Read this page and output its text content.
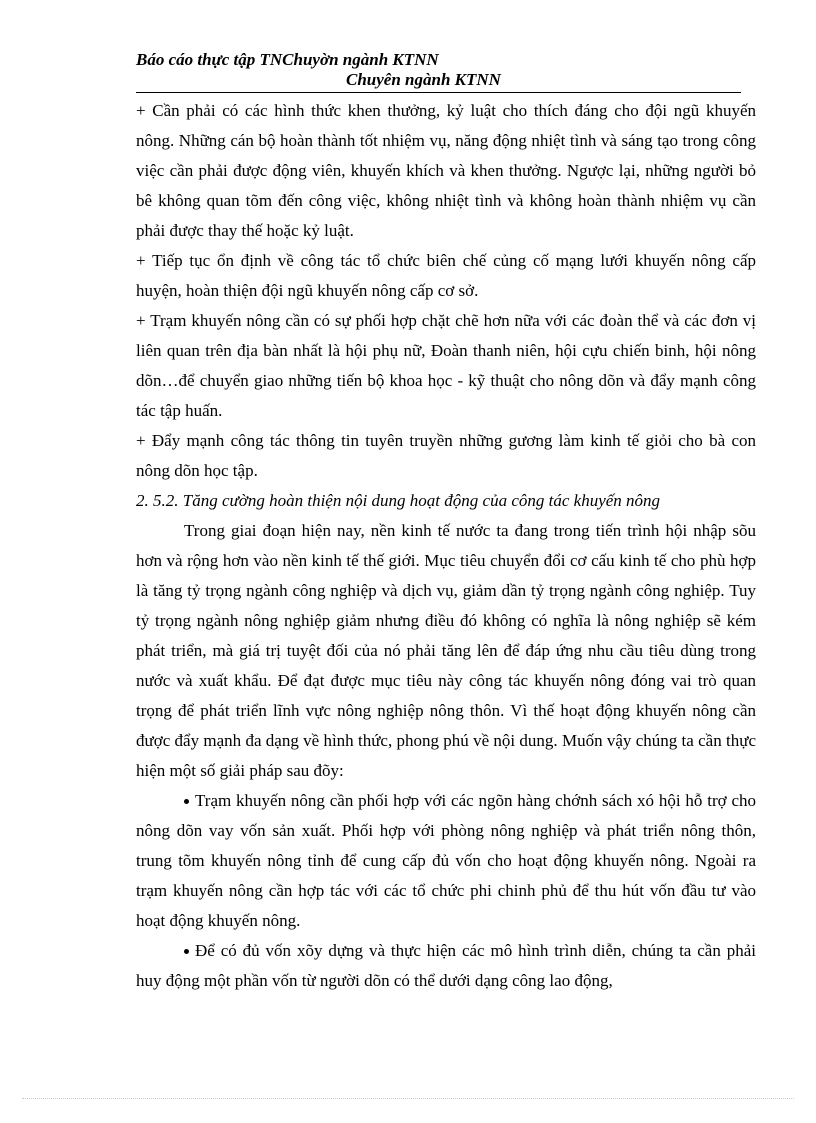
Báo cáo thực tập TNChuyờn ngành KTNN
Chuyên ngành KTNN

+ Cần phải có các hình thức khen thưởng, kỷ luật cho thích đáng cho đội ngũ khuyến nông. Những cán bộ hoàn thành tốt nhiệm vụ, năng động nhiệt tình và sáng tạo trong công việc cần phải được động viên, khuyến khích và khen thưởng. Ngược lại, những người bỏ bê không quan tõm đến công việc, không nhiệt tình và không hoàn thành nhiệm vụ cần phải được thay thế hoặc kỷ luật.

+ Tiếp tục ổn định về công tác tổ chức biên chế củng cố mạng lưới khuyến nông cấp huyện, hoàn thiện đội ngũ khuyến nông cấp cơ sở.

+ Trạm khuyến nông cần có sự phối hợp chặt chẽ hơn nữa với các đoàn thể và các đơn vị liên quan trên địa bàn nhất là hội phụ nữ, Đoàn thanh niên, hội cựu chiến binh, hội nông dõn…để chuyển giao những tiến bộ khoa học - kỹ thuật cho nông dõn và đẩy mạnh công tác tập huấn.

+ Đẩy mạnh công tác thông tin tuyên truyền những gương làm kinh tế giỏi cho bà con nông dõn học tập.

2. 5.2. Tăng cường hoàn thiện nội dung hoạt động của công tác khuyến nông

Trong giai đoạn hiện nay, nền kinh tế nước ta đang trong tiến trình hội nhập sõu hơn và rộng hơn vào nền kinh tế thế giới. Mục tiêu chuyển đổi cơ cấu kinh tế cho phù hợp là tăng tỷ trọng ngành công nghiệp và dịch vụ, giảm dần tỷ trọng ngành công nghiệp. Tuy tỷ trọng ngành nông nghiệp giảm nhưng điều đó không có nghĩa là nông nghiệp sẽ kém phát triển, mà giá trị tuyệt đối của nó phải tăng lên để đáp ứng nhu cầu tiêu dùng trong nước và xuất khẩu. Để đạt được mục tiêu này công tác khuyến nông đóng vai trò quan trọng để phát triển lĩnh vực nông nghiệp nông thôn. Vì thế hoạt động khuyến nông cần được đẩy mạnh đa dạng về hình thức, phong phú về nội dung. Muốn vậy chúng ta cần thực hiện một số giải pháp sau đõy:

Trạm khuyến nông cần phối hợp với các ngõn hàng chớnh sách xó hội hỗ trợ cho nông dõn vay vốn sản xuất. Phối hợp với phòng nông nghiệp và phát triển nông thôn, trung tõm khuyến nông tỉnh để cung cấp đủ vốn cho hoạt động khuyến nông. Ngoài ra trạm khuyến nông cần hợp tác với các tổ chức phi chinh phủ để thu hút vốn đầu tư vào hoạt động khuyến nông.

Để có đủ vốn xõy dựng và thực hiện các mô hình trình diễn, chúng ta cần phải huy động một phần vốn từ người dõn có thể dưới dạng công lao động,
